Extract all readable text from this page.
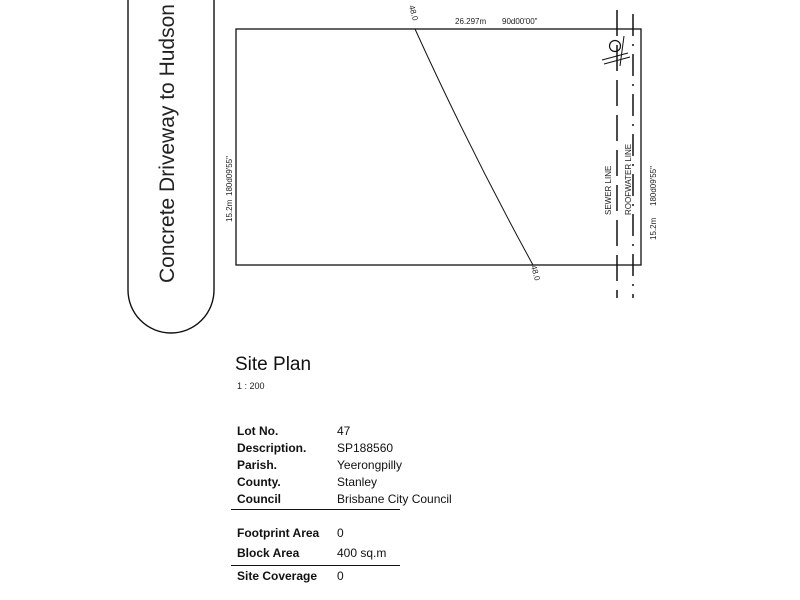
Concrete Driveway to Hudson	48.0
48.0
26.297m 90d00'00"
15.2m
180d09'55"
15.2m
180d09'55"
SEWER LINE ROOFWATER LINE
Site Plan
1 : 200
Lot No.	47
Description.	SP188560
Parish.	Yeerongpilly
County.	Stanley
Council	Brisbane City Council
Footprint Area 0
Block Area	400 sq.m
Site Coverage 0
